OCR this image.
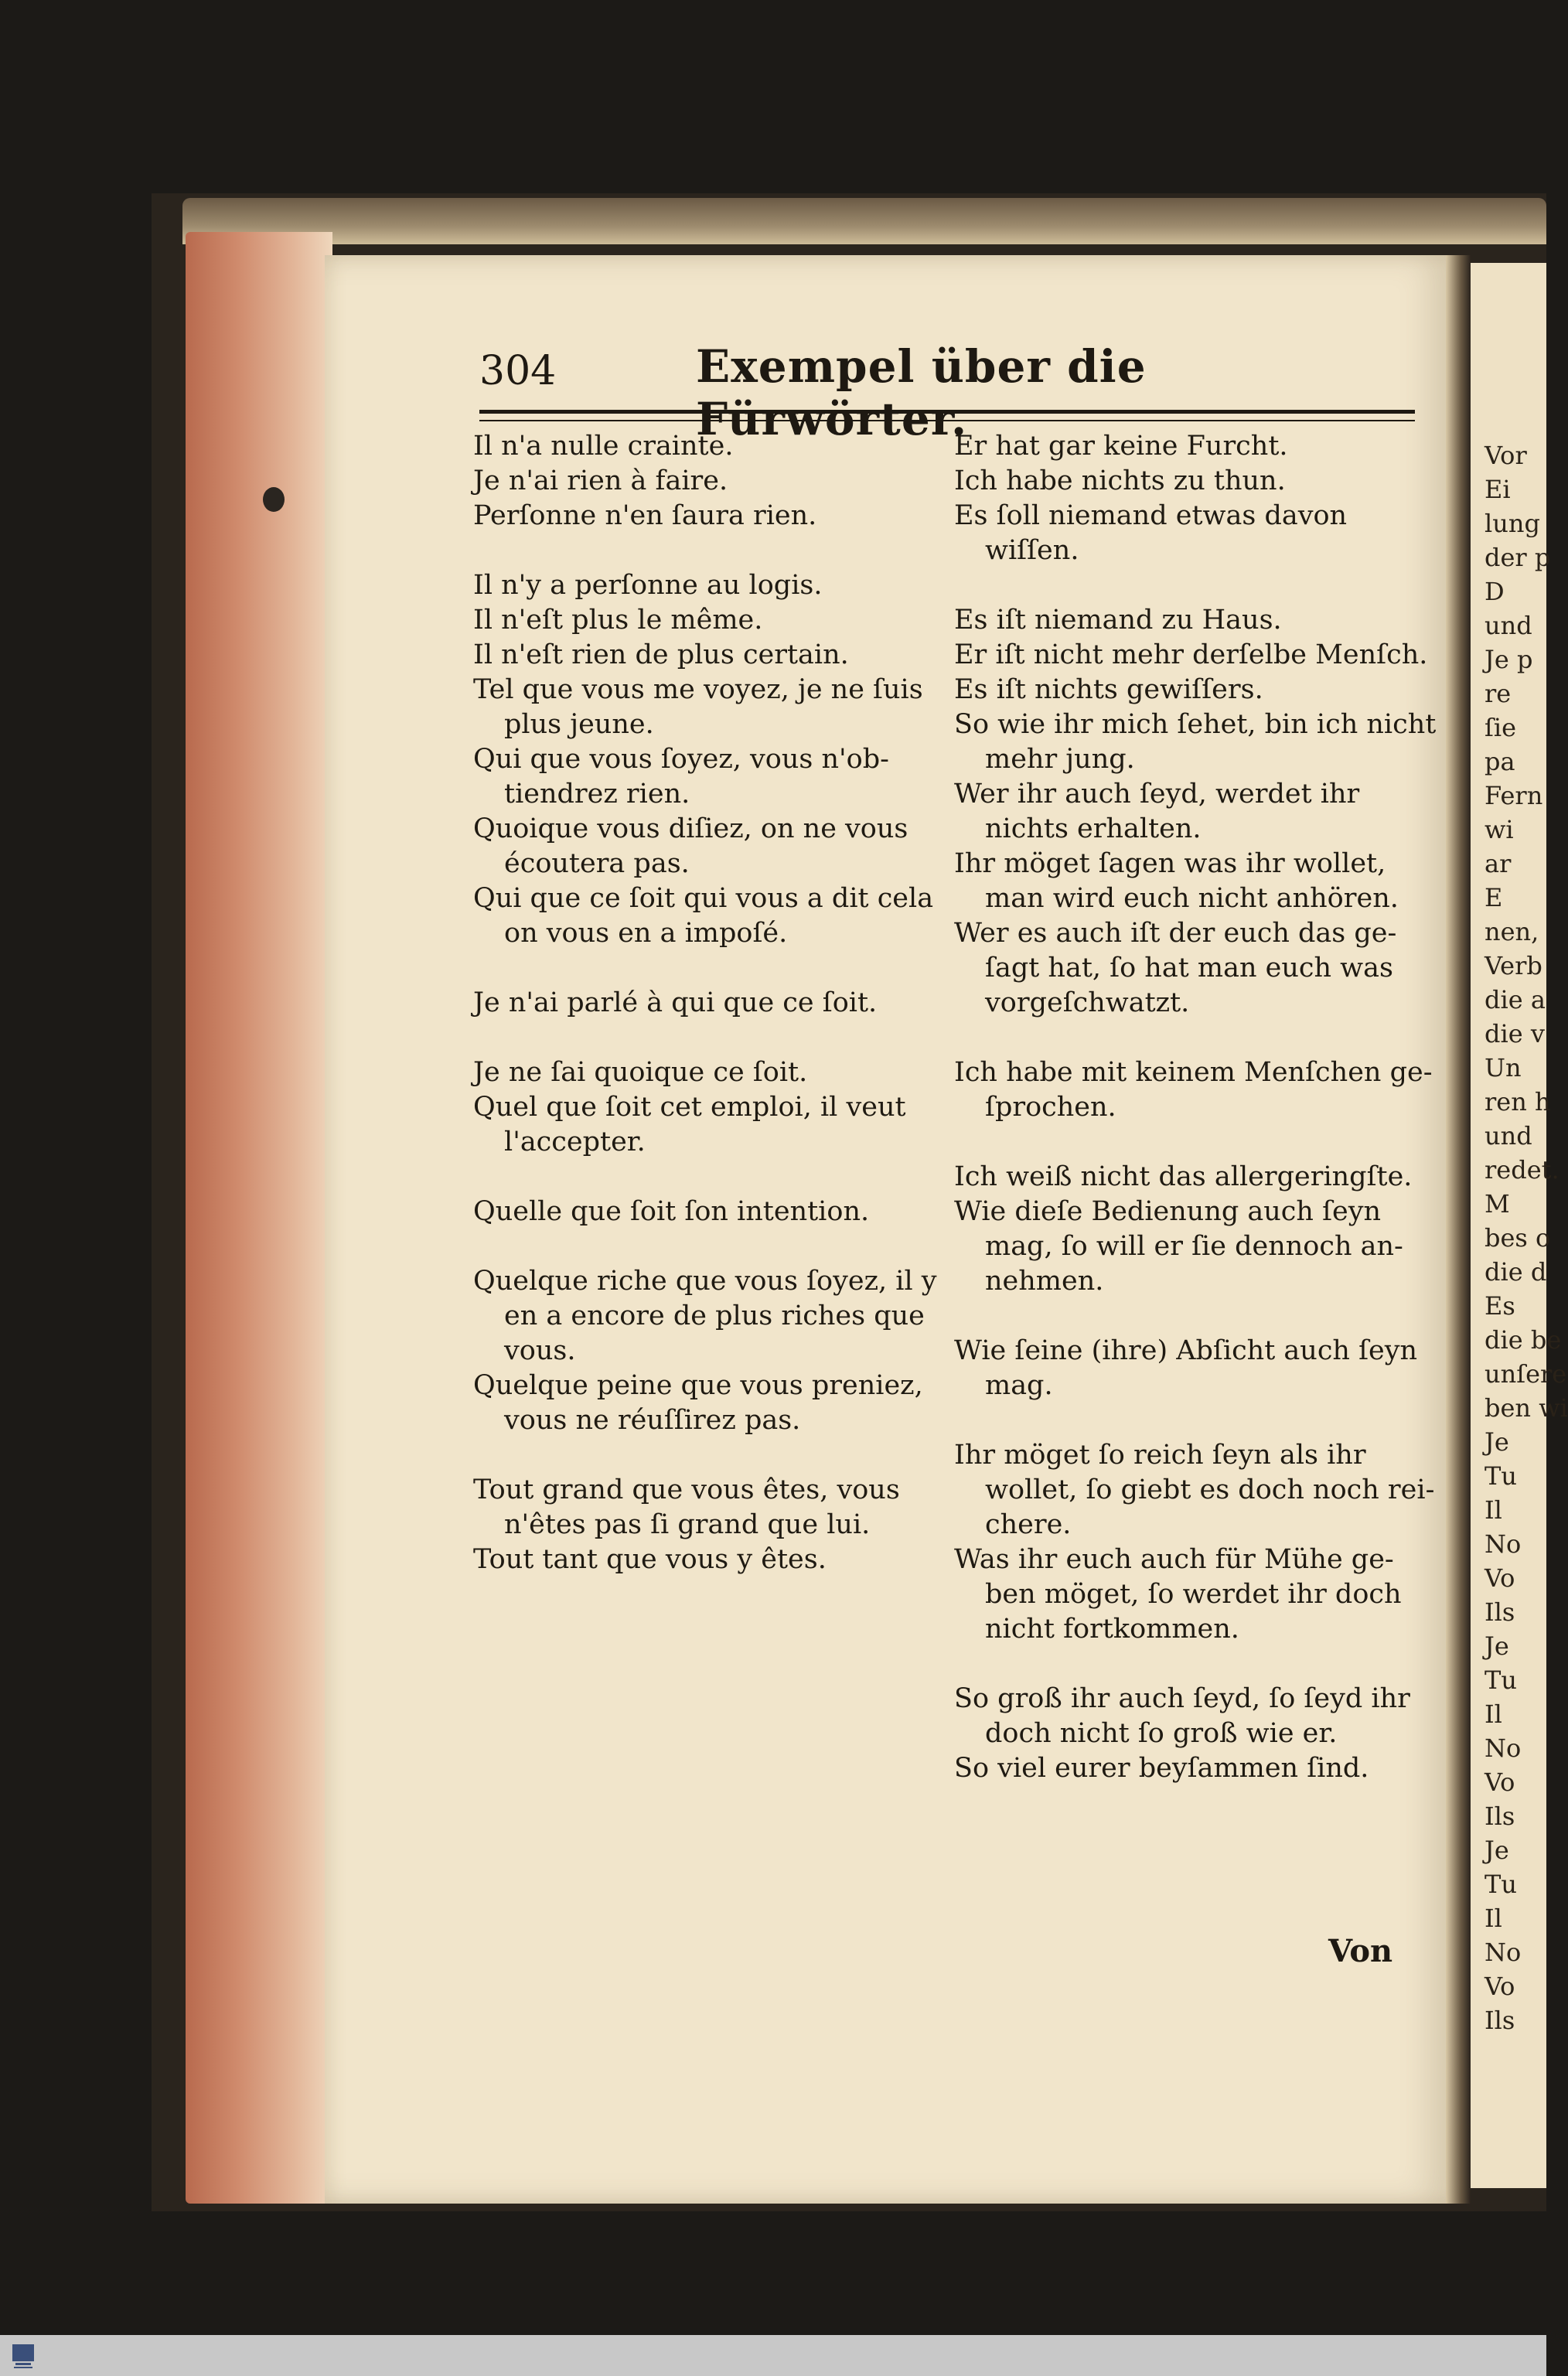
Vor
Ei
lung
der p
D
und
Je p
re
ſie
pa
Fern
wi
ar
E
nen,
Verb
die a
die v
Un
ren h
und
redet.
M
bes o
die d
Es
die be
unſere
ben wi
Je
Tu
Il
No
Vo
Ils
Je
Tu
Il
No
Vo
Ils
Je
Tu
Il
No
Vo
Ils
304	Exempel über die Fürwörter.
Il n'a nulle crainte.
Je n'ai rien à faire.
Perſonne n'en ſaura rien.
Il n'y a perſonne au logis.
Il n'eſt plus le même.
Il n'eſt rien de plus certain.
Tel que vous me voyez, je ne ſuis
plus jeune.
Qui que vous ſoyez, vous n'ob-
tiendrez rien.
Quoique vous diſiez, on ne vous
écoutera pas.
Qui que ce ſoit qui vous a dit cela
on vous en a impoſé.
Je n'ai parlé à qui que ce ſoit.
Je ne ſai quoique ce ſoit.
Quel que ſoit cet emploi, il veut
l'accepter.
Quelle que ſoit ſon intention.
Quelque riche que vous ſoyez, il y
en a encore de plus riches que
vous.
Quelque peine que vous preniez,
vous ne réuſſirez pas.
Tout grand que vous êtes, vous
n'êtes pas ſi grand que lui.
Tout tant que vous y êtes.
Er hat gar keine Furcht.
Ich habe nichts zu thun.
Es ſoll niemand etwas davon
wiſſen.
Es iſt niemand zu Haus.
Er iſt nicht mehr derſelbe Menſch.
Es iſt nichts gewiſſers.
So wie ihr mich ſehet, bin ich nicht
mehr jung.
Wer ihr auch ſeyd, werdet ihr
nichts erhalten.
Ihr möget ſagen was ihr wollet,
man wird euch nicht anhören.
Wer es auch iſt der euch das ge-
ſagt hat, ſo hat man euch was
vorgeſchwatzt.
Ich habe mit keinem Menſchen ge-
ſprochen.
Ich weiß nicht das allergeringſte.
Wie dieſe Bedienung auch ſeyn
mag, ſo will er ſie dennoch an-
nehmen.
Wie ſeine (ihre) Abſicht auch ſeyn
mag.
Ihr möget ſo reich ſeyn als ihr
wollet, ſo giebt es doch noch rei-
chere.
Was ihr euch auch für Mühe ge-
ben möget, ſo werdet ihr doch
nicht fortkommen.
So groß ihr auch ſeyd, ſo ſeyd ihr
doch nicht ſo groß wie er.
So viel eurer beyſammen ſind.
Von
